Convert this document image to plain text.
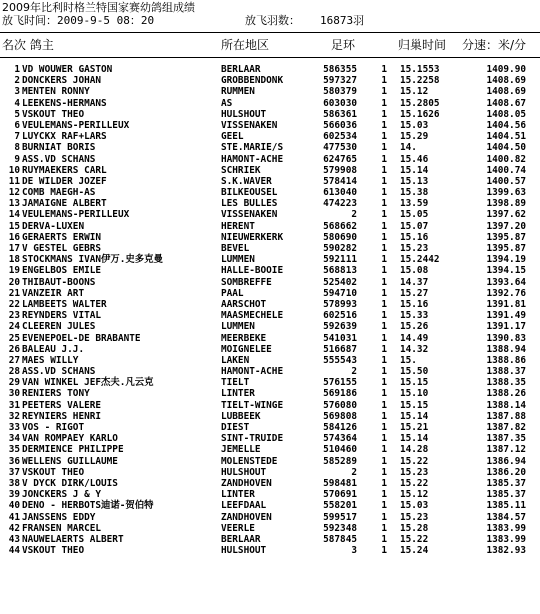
2009年比利时格兰特国家赛幼鸽组成绩
放飞时间：2009-9-5 08：20	放飞羽数： 16873羽
名次 鸽主	所在地区	足环	归巢时间 分速：米/分
1 VD WOUWER GASTON	BERLAAR	586355	1 15.1553	1409.90
2 DONCKERS JOHAN	GROBBENDONK	597327	1 15.2258	1408.69
3 MENTEN RONNY	RUMMEN	580379	1 15.12	1408.69
4 LEEKENS-HERMANS	AS	603030	1 15.2805	1408.67
5 VSKOUT THEO	HULSHOUT	586361	1 15.1626	1408.05
6 VEULEMANS-PERILLEUX	VISSENAKEN	566036	1 15.03	1404.56
7 LUYCKX RAF+LARS	GEEL	602534	1 15.29	1404.51
8 BURNIAT BORIS	STE.MARIE/S	477530	1 14.	1404.50
9 ASS.VD SCHANS	HAMONT-ACHE	624765	1 15.46	1400.82
10 RUYMAEKERS CARL	SCHRIEK	579908	1 15.14	1400.74
11 DE WILDER JOZEF	S.K.WAVER	578414	1 15.13	1400.57
12 COMB MAEGH-AS	BILKEOUSEL	613040	1 15.38	1399.63
13 JAMAIGNE ALBERT	LES BULLES	474223	1 13.59	1398.89
14 VEULEMANS-PERILLEUX	VISSENAKEN	2	1 15.05	1397.62
15 DERVA-LUXEN	HERENT	568662	1 15.07	1397.20
16 GERAERTS ERWIN	NIEUWERKERK	580690	1 15.16	1395.87
17 V GESTEL GEBRS	BEVEL	590282	1 15.23	1395.87
18 STOCKMANS IVAN伊万.史多克曼	LUMMEN	592111	1 15.2442	1394.19
19 ENGELBOS EMILE	HALLE-BOOIE	568813	1 15.08	1394.15
20 THIBAUT-BOONS	SOMBREFFE	525402	1 14.37	1393.64
21 VANZEIR ART	PAAL	594710	1 15.27	1392.76
22 LAMBEETS WALTER	AARSCHOT	578993	1 15.16	1391.81
23 REYNDERS VITAL	MAASMECHELE	602516	1 15.33	1391.49
24 CLEEREN JULES	LUMMEN	592639	1 15.26	1391.17
25 EVENEPOEL-DE BRABANTE	MEERBEKE	541031	1 14.49	1390.83
26 BALEAU J.J.	MOIGNELEE	516687	1 14.32	1388.94
27 MAES WILLY	LAKEN	555543	1 15.	1388.86
28 ASS.VD SCHANS	HAMONT-ACHE	2	1 15.50	1388.37
29 VAN WINKEL JEF杰夫.凡云克	TIELT	576155	1 15.15	1388.35
30 RENIERS TONY	LINTER	569186	1 15.10	1388.26
31 PEETERS VALERE	TIELT-WINGE	576080	1 15.15	1388.14
32 REYNIERS HENRI	LUBBEEK	569808	1 15.14	1387.88
33 VOS - RIGOT	DIEST	584126	1 15.21	1387.82
34 VAN ROMPAEY KARLO	SINT-TRUIDE	574364	1 15.14	1387.35
35 DERMIENCE PHILIPPE	JEMELLE	510460	1 14.28	1387.12
36 WELLENS GUILLAUME	MOLENSTEDE	585289	1 15.22	1386.94
37 VSKOUT THEO	HULSHOUT	2	1 15.23	1386.20
38 V DYCK DIRK/LOUIS	ZANDHOVEN	598481	1 15.22	1385.37
39 JONCKERS J & Y	LINTER	570691	1 15.12	1385.37
40 DENO - HERBOTS迪诺-贺伯特	LEEFDAAL	558201	1 15.03	1385.11
41 JANSSENS EDDY	ZANDHOVEN	599517	1 15.23	1384.57
42 FRANSEN MARCEL	VEERLE	592348	1 15.28	1383.99
43 NAUWELAERTS ALBERT	BERLAAR	587845	1 15.22	1383.99
44 VSKOUT THEO	HULSHOUT	3	1 15.24	1382.93
